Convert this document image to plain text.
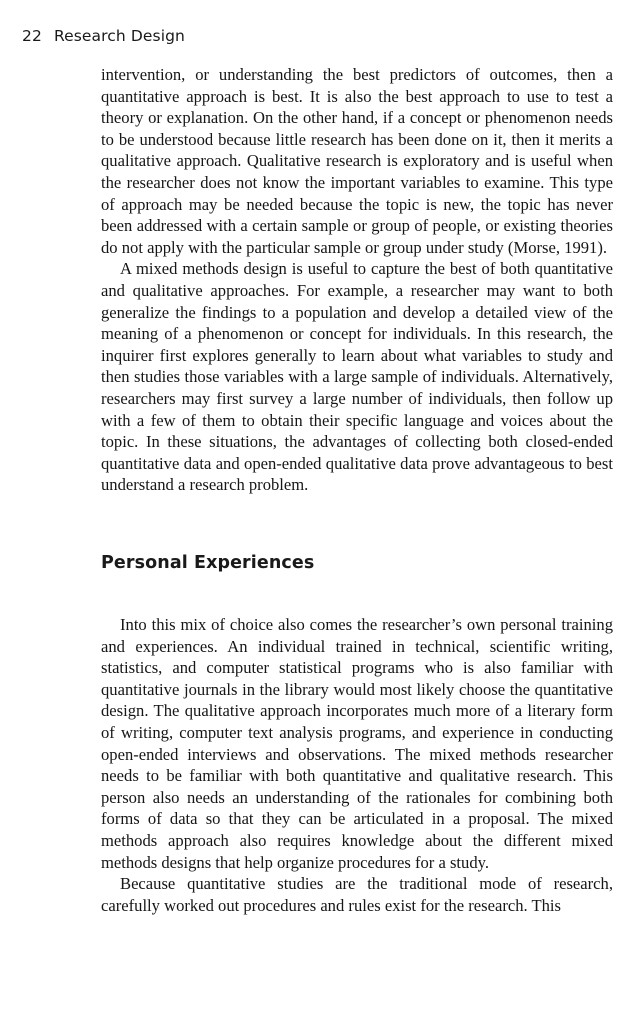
22 Research Design

intervention, or understanding the best predictors of outcomes, then a quantitative approach is best. It is also the best approach to use to test a theory or explanation. On the other hand, if a concept or phenomenon needs to be understood because little research has been done on it, then it merits a qualitative approach. Qualitative research is exploratory and is useful when the researcher does not know the important variables to examine. This type of approach may be needed because the topic is new, the topic has never been addressed with a certain sample or group of people, or existing theories do not apply with the particular sample or group under study (Morse, 1991).

A mixed methods design is useful to capture the best of both quantitative and qualitative approaches. For example, a researcher may want to both generalize the findings to a population and develop a detailed view of the meaning of a phenomenon or concept for individuals. In this research, the inquirer first explores generally to learn about what variables to study and then studies those variables with a large sample of individuals. Alternatively, researchers may first survey a large number of individuals, then follow up with a few of them to obtain their specific language and voices about the topic. In these situations, the advantages of collecting both closed-ended quantitative data and open-ended qualitative data prove advantageous to best understand a research problem.

Personal Experiences

Into this mix of choice also comes the researcher’s own personal training and experiences. An individual trained in technical, scientific writing, statistics, and computer statistical programs who is also familiar with quantitative journals in the library would most likely choose the quantitative design. The qualitative approach incorporates much more of a literary form of writing, computer text analysis programs, and experience in conducting open-ended interviews and observations. The mixed methods researcher needs to be familiar with both quantitative and qualitative research. This person also needs an understanding of the rationales for combining both forms of data so that they can be articulated in a proposal. The mixed methods approach also requires knowledge about the different mixed methods designs that help organize procedures for a study.

Because quantitative studies are the traditional mode of research, carefully worked out procedures and rules exist for the research. This
